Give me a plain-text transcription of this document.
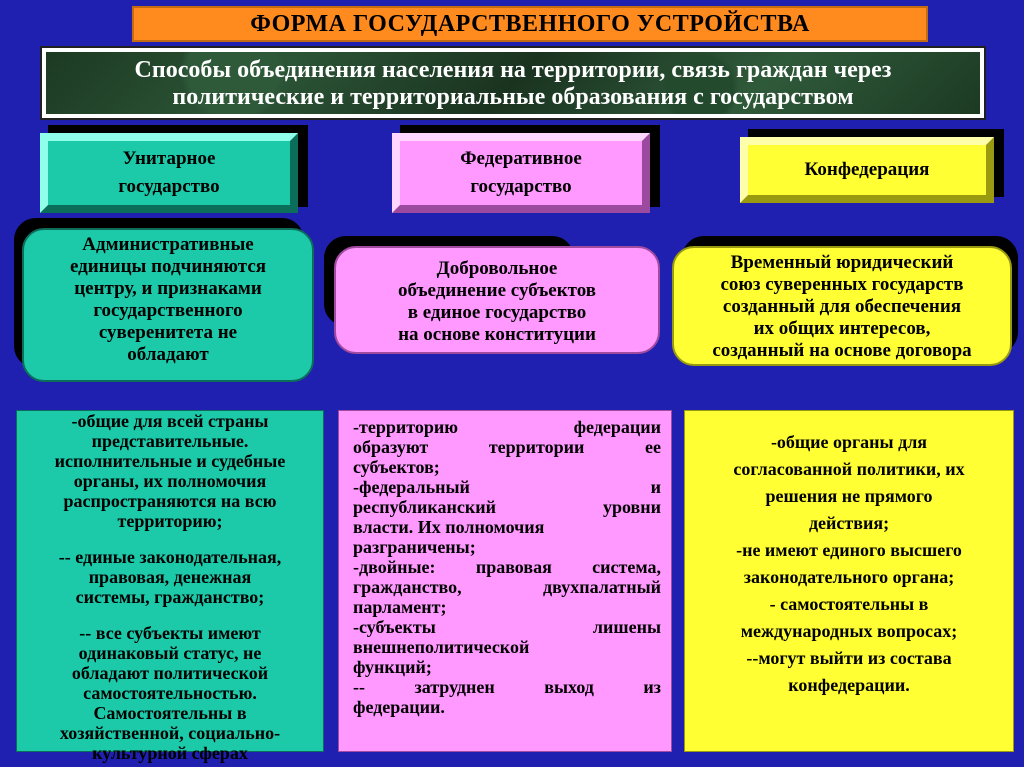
ФОРМА ГОСУДАРСТВЕННОГО УСТРОЙСТВА
Способы объединения населения на территории, связь граждан через
политические и территориальные образования с государством
Унитарное
государство
Федеративное
государство
Конфедерация
Административные
единицы подчиняются
центру, и признаками
государственного
суверенитета не
обладают
Добровольное
объединение субъектов
в единое государство
на основе конституции
Временный юридический
союз суверенных государств
созданный для обеспечения
их общих интересов,
созданный на основе договора

-общие для всей страны

представительные.

исполнительные и судебные

органы, их полномочия

распространяются на всю

территорию;

-- единые законодательная,

правовая, денежная

системы, гражданство;

-- все субъекты имеют

одинаковый статус, не

обладают политической

самостоятельностью.

Самостоятельны в

хозяйственной, социально-

культурной сферах

-территорию федерации

образуют территории ее

субъектов;

-федеральный и

республиканский уровни

власти. Их полномочия

разграничены;

-двойные: правовая система,

гражданство, двухпалатный

парламент;

-субъекты лишены

внешнеполитической

функций;

-- затруднен выход из

федерации.

-общие органы для

согласованной политики, их

решения не прямого

действия;

-не имеют единого высшего

законодательного органа;

- самостоятельны в

международных вопросах;

--могут выйти из состава

конфедерации.
